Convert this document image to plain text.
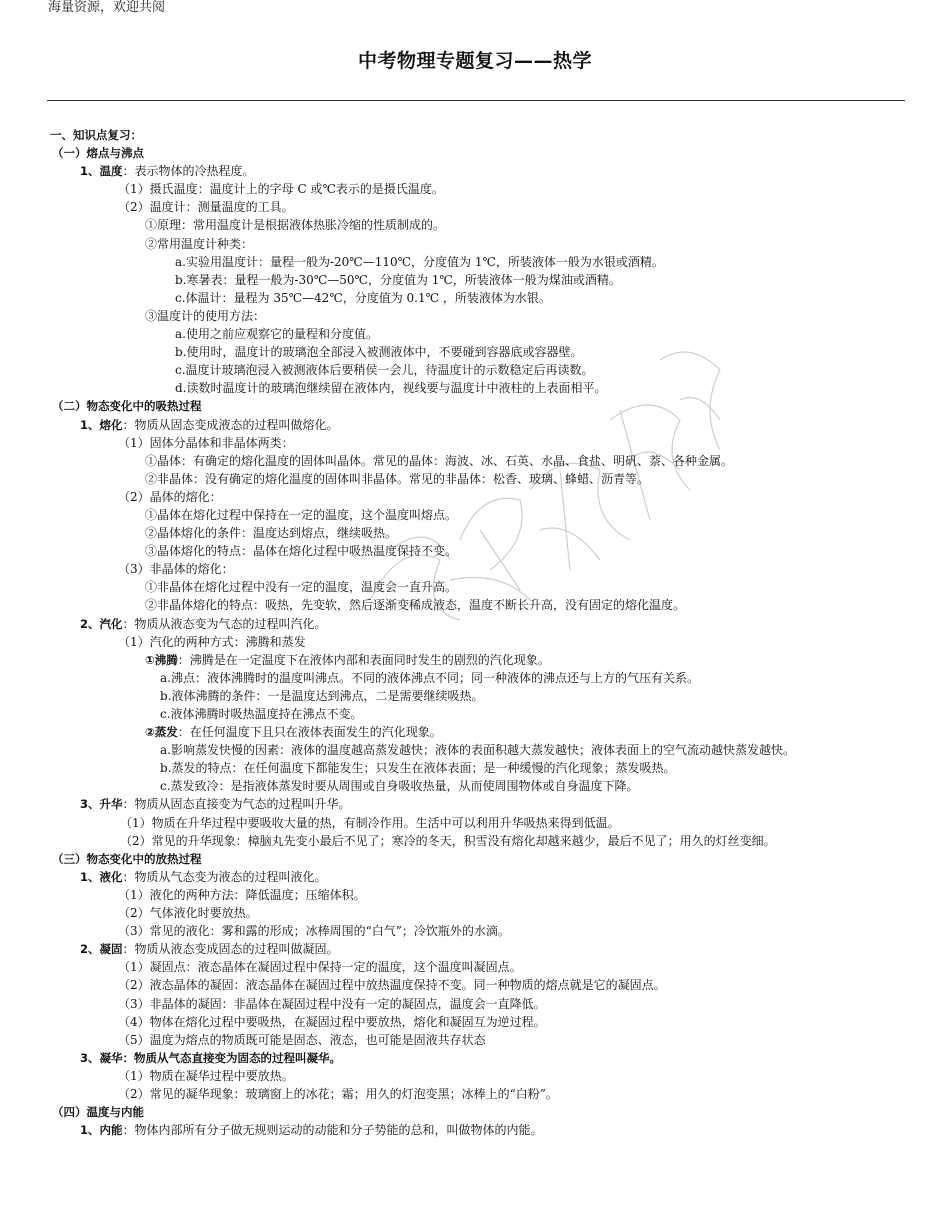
海量资源，欢迎共阅
中考物理专题复习——热学
一、知识点复习：
（一）熔点与沸点
1、温度：表示物体的冷热程度。
（1）摄氏温度：温度计上的字母 C 或℃表示的是摄氏温度。
（2）温度计：测量温度的工具。
①原理：常用温度计是根据液体热胀冷缩的性质制成的。
②常用温度计种类：
a.实验用温度计：量程一般为-20℃—110℃，分度值为 1℃，所装液体一般为水银或酒精。
b.寒暑表：量程一般为-30℃—50℃，分度值为 1℃，所装液体一般为煤油或酒精。
c.体温计：量程为 35℃—42℃，分度值为 0.1℃ ，所装液体为水银。
③温度计的使用方法：
a.使用之前应观察它的量程和分度值。
b.使用时，温度计的玻璃泡全部浸入被测液体中，不要碰到容器底或容器壁。
c.温度计玻璃泡浸入被测液体后要稍侯一会儿，待温度计的示数稳定后再读数。
d.读数时温度计的玻璃泡继续留在液体内，视线要与温度计中液柱的上表面相平。
（二）物态变化中的吸热过程
1、熔化：物质从固态变成液态的过程叫做熔化。
（1）固体分晶体和非晶体两类：
①晶体：有确定的熔化温度的固体叫晶体。常见的晶体：海波、冰、石英、水晶、食盐、明矾、萘、各种金属。
②非晶体：没有确定的熔化温度的固体叫非晶体。常见的非晶体：松香、玻璃、蜂蜡、沥青等。
（2）晶体的熔化：
①晶体在熔化过程中保持在一定的温度，这个温度叫熔点。
②晶体熔化的条件：温度达到熔点，继续吸热。
③晶体熔化的特点：晶体在熔化过程中吸热温度保持不变。
（3）非晶体的熔化：
①非晶体在熔化过程中没有一定的温度，温度会一直升高。
②非晶体熔化的特点：吸热，先变软，然后逐渐变稀成液态，温度不断长升高，没有固定的熔化温度。
2、汽化：物质从液态变为气态的过程叫汽化。
（1）汽化的两种方式：沸腾和蒸发
①沸腾：沸腾是在一定温度下在液体内部和表面同时发生的剧烈的汽化现象。
a.沸点：液体沸腾时的温度叫沸点。不同的液体沸点不同；同一种液体的沸点还与上方的气压有关系。
b.液体沸腾的条件：一是温度达到沸点，二是需要继续吸热。
c.液体沸腾时吸热温度持在沸点不变。
②蒸发：在任何温度下且只在液体表面发生的汽化现象。
a.影响蒸发快慢的因素：液体的温度越高蒸发越快；液体的表面积越大蒸发越快；液体表面上的空气流动越快蒸发越快。
b.蒸发的特点：在任何温度下都能发生；只发生在液体表面；是一种缓慢的汽化现象；蒸发吸热。
c.蒸发致冷：是指液体蒸发时要从周围或自身吸收热量，从而使周围物体或自身温度下降。
3、升华：物质从固态直接变为气态的过程叫升华。
（1）物质在升华过程中要吸收大量的热，有制冷作用。生活中可以利用升华吸热来得到低温。
（2）常见的升华现象：樟脑丸先变小最后不见了；寒冷的冬天，积雪没有熔化却越来越少，最后不见了；用久的灯丝变细。
（三）物态变化中的放热过程
1、液化：物质从气态变为液态的过程叫液化。
（1）液化的两种方法：降低温度；压缩体积。
（2）气体液化时要放热。
（3）常见的液化：雾和露的形成；冰棒周围的“白气”；冷饮瓶外的水滴。
2、凝固：物质从液态变成固态的过程叫做凝固。
（1）凝固点：液态晶体在凝固过程中保持一定的温度，这个温度叫凝固点。
（2）液态晶体的凝固：液态晶体在凝固过程中放热温度保持不变。同一种物质的熔点就是它的凝固点。
（3）非晶体的凝固：非晶体在凝固过程中没有一定的凝固点，温度会一直降低。
（4）物体在熔化过程中要吸热，在凝固过程中要放热，熔化和凝固互为逆过程。
（5）温度为熔点的物质既可能是固态、液态，也可能是固液共存状态
3、凝华：物质从气态直接变为固态的过程叫凝华。
（1）物质在凝华过程中要放热。
（2）常见的凝华现象：玻璃窗上的冰花；霜；用久的灯泡变黑；冰棒上的“白粉”。
（四）温度与内能
1、内能：物体内部所有分子做无规则运动的动能和分子势能的总和，叫做物体的内能。
